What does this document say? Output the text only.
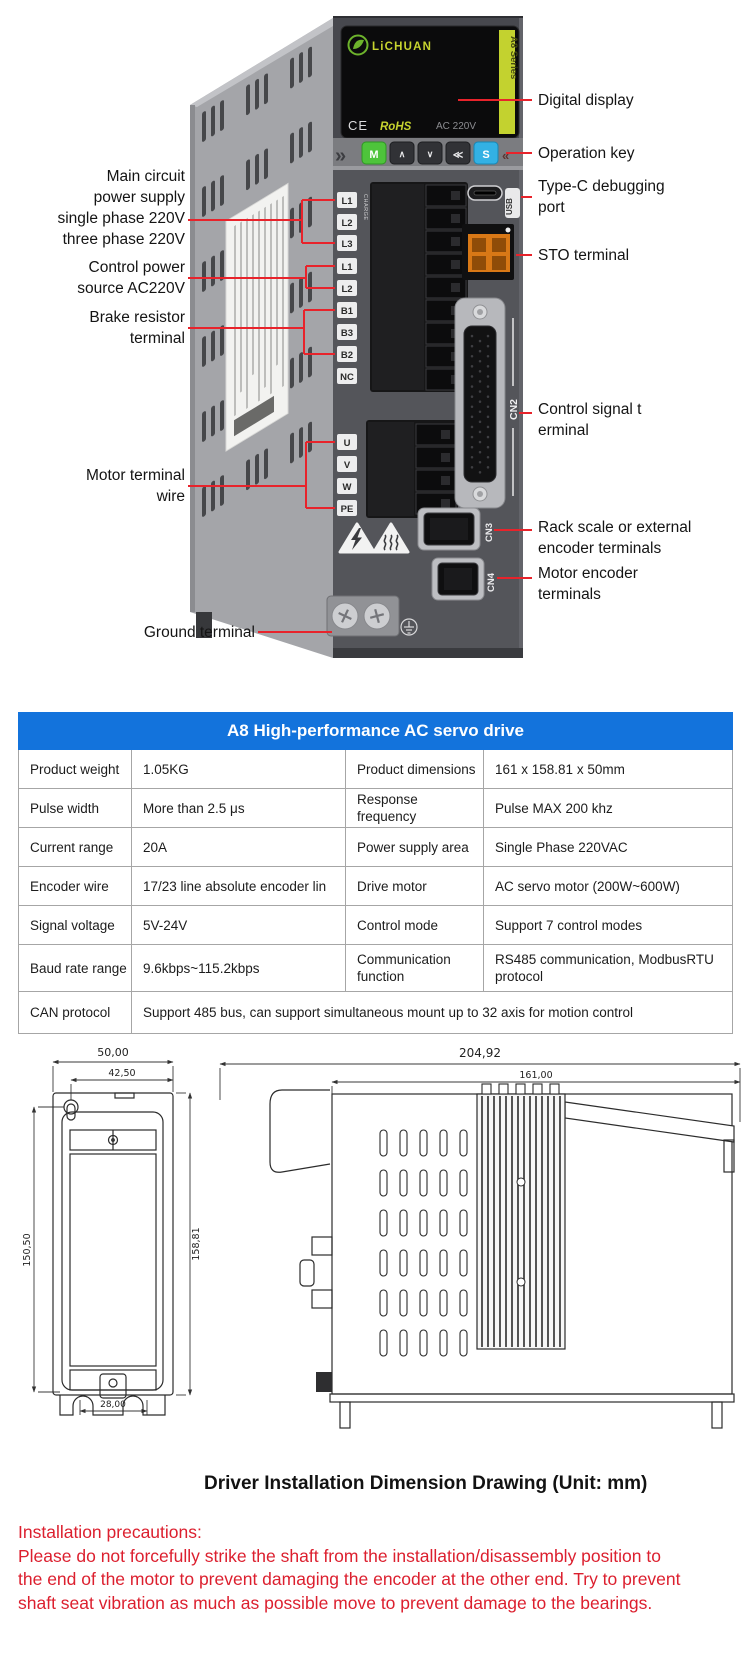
A8 Series
LiCHUAN
CE RoHS AC 220V
» M ∧ ∨ ≪ S «
L1
L2
L3
L1
L2
B1
B3
B2
NC
U
V
W
PE
CHARGE	USB
CN2
CN3
CN4
Main circuit
power supply
single phase 220V
three phase 220V
Control power
source AC220V
Brake resistor
terminal
Motor terminal
wire
Ground terminal
Digital display
Operation key
Type-C debugging
port
STO terminal
Control signal t
erminal
Rack scale or external
encoder terminals
Motor encoder
terminals
A8 High-performance AC servo drive			
Product weight	1.05KG	Product dimensions	161 x 158.81 x 50mm
Pulse width	More than 2.5 μs	Response frequency	Pulse MAX 200 khz
Current range	20A	Power supply area	Single Phase 220VAC
Encoder wire	17/23 line absolute encoder lin	Drive motor	AC servo motor (200W~600W)
Signal voltage	5V-24V	Control mode	Support 7 control modes
Baud rate range	9.6kbps~115.2kbps	Communication function	RS485 communication, ModbusRTU protocol
CAN protocol	Support 485 bus, can support simultaneous mount up to 32 axis for motion control		
50,00
42,50
150,50	158,81
28,00
204,92
161,00
Driver Installation Dimension Drawing (Unit: mm)
Installation precautions:
Please do not forcefully strike the shaft from the installation/disassembly position to
the end of the motor to prevent damaging the encoder at the other end. Try to prevent
shaft seat vibration as much as possible move to prevent damage to the bearings.
